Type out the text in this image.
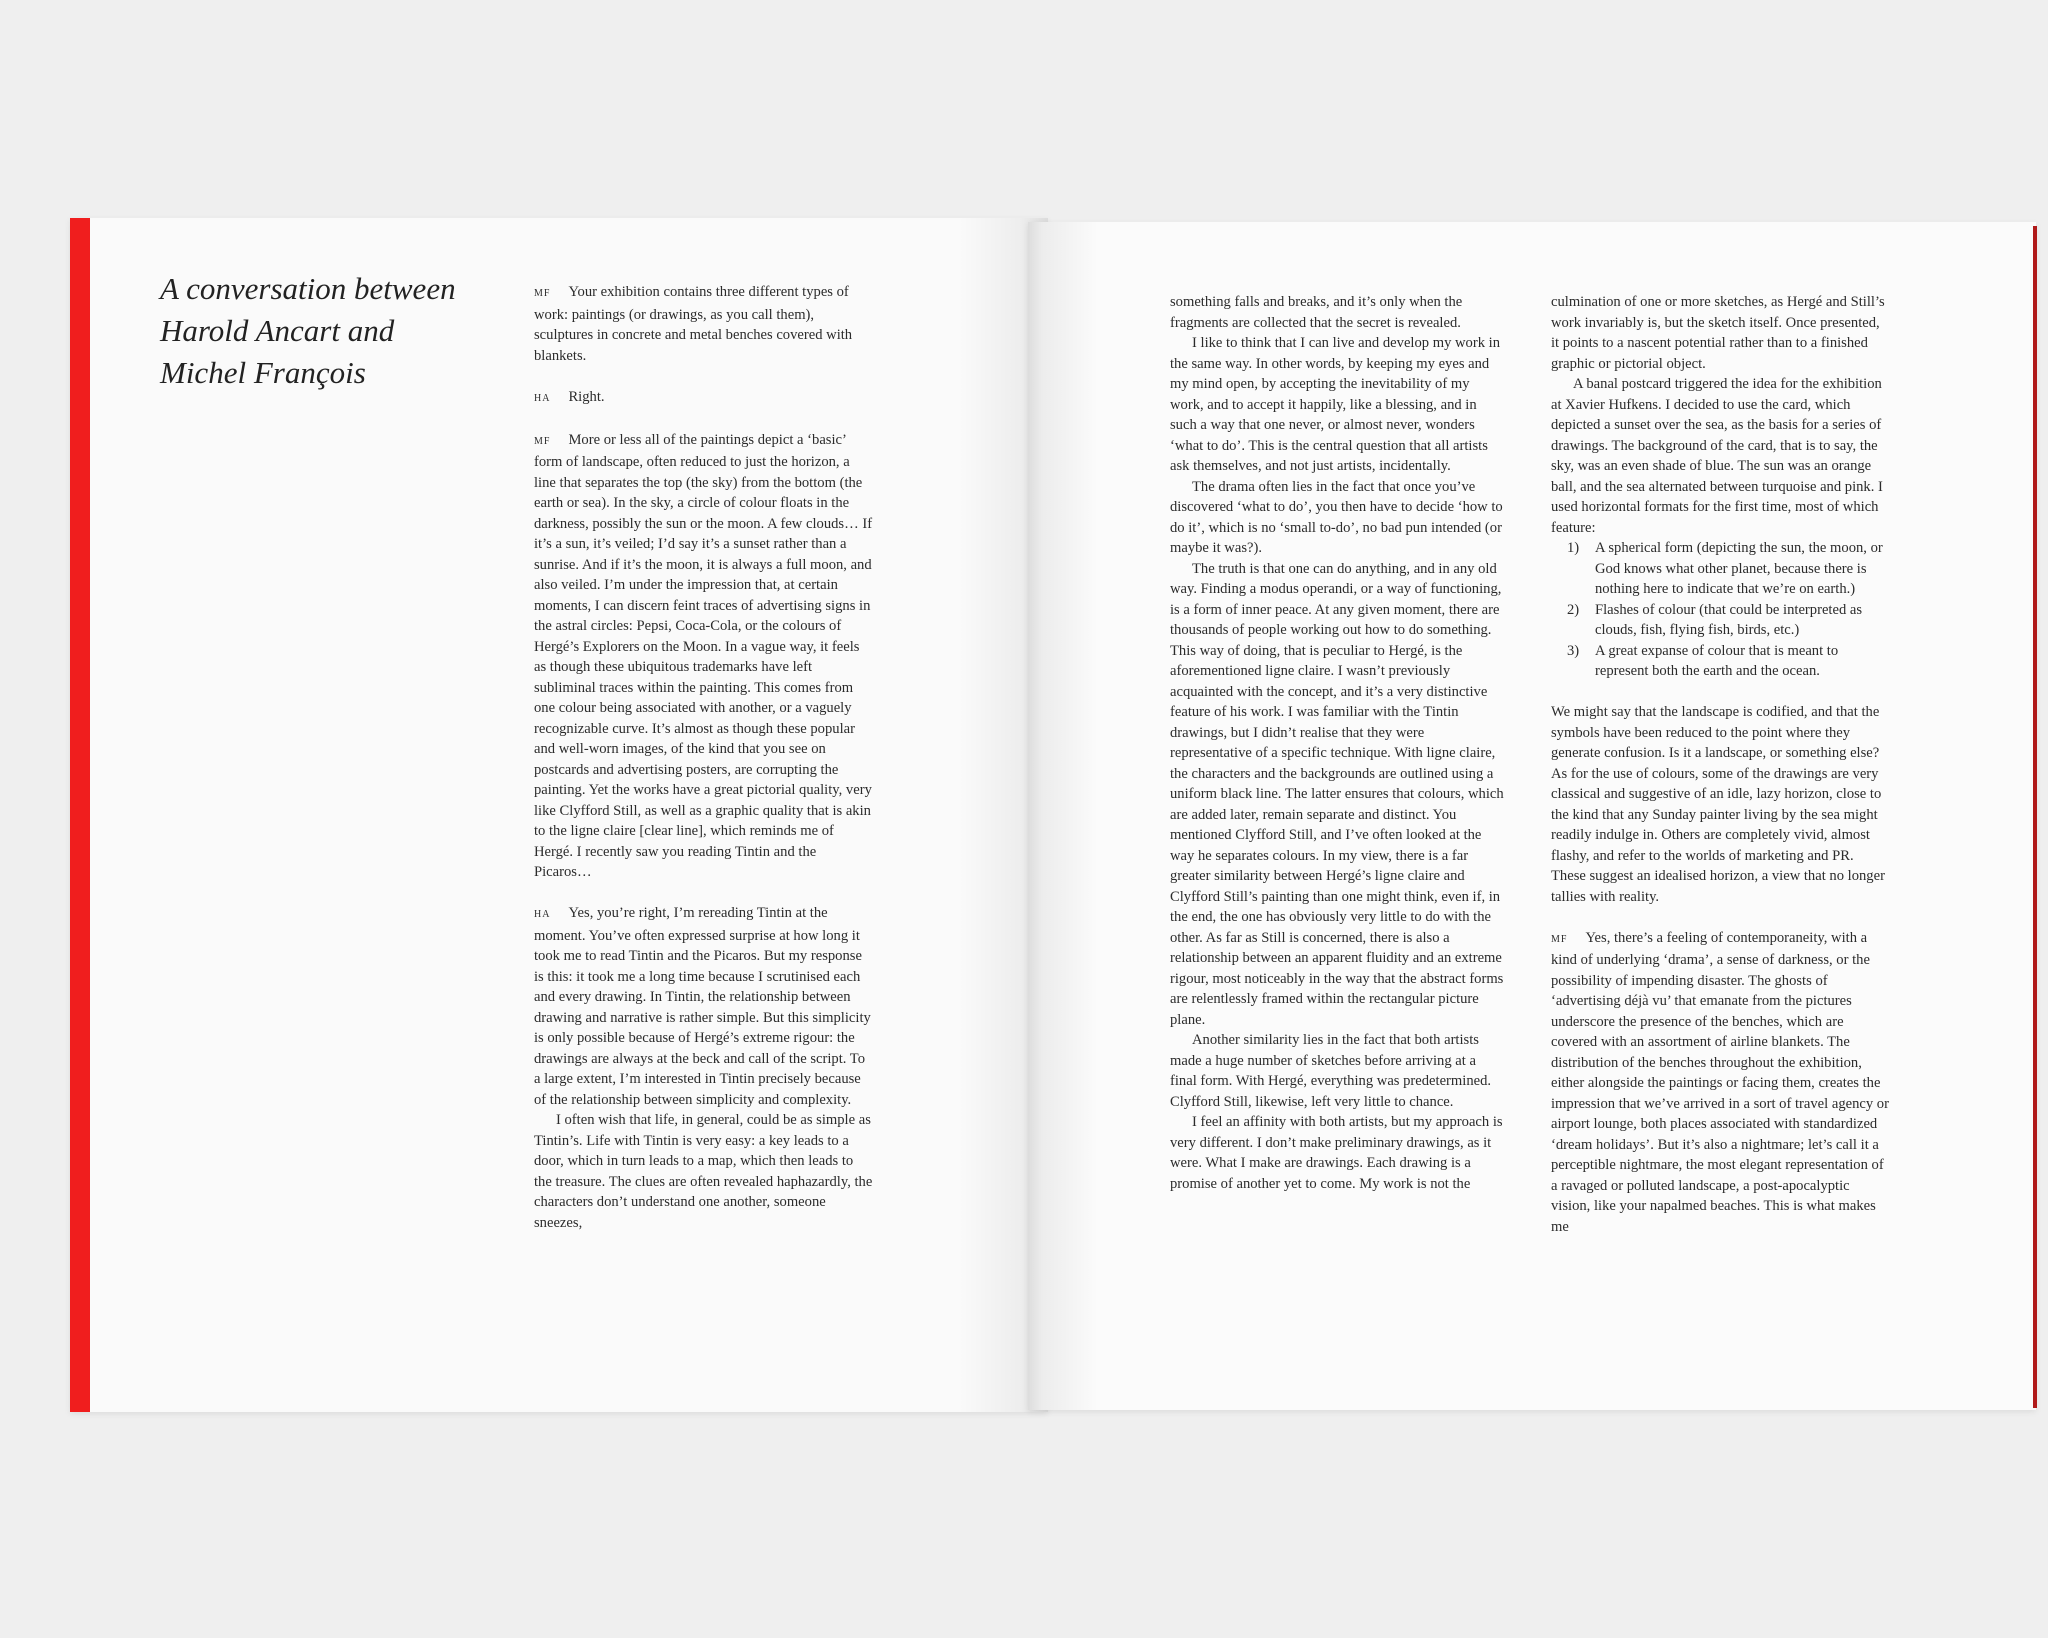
A conversation between
Harold Ancart and
Michel François

MF Your exhibition contains three different types of work: paintings (or drawings, as you call them), sculptures in concrete and metal benches covered with blankets.

HA Right.

MF More or less all of the paintings depict a ‘basic’ form of landscape, often reduced to just the horizon, a line that separates the top (the sky) from the bottom (the earth or sea). In the sky, a circle of colour floats in the darkness, possibly the sun or the moon. A few clouds… If it’s a sun, it’s veiled; I’d say it’s a sunset rather than a sunrise. And if it’s the moon, it is always a full moon, and also veiled. I’m under the impression that, at certain moments, I can discern feint traces of advertising signs in the astral circles: Pepsi, Coca-Cola, or the colours of Hergé’s Explorers on the Moon. In a vague way, it feels as though these ubiquitous trademarks have left subliminal traces within the painting. This comes from one colour being associated with another, or a vaguely recognizable curve. It’s almost as though these popular and well-worn images, of the kind that you see on postcards and advertising posters, are corrupting the painting. Yet the works have a great pictorial quality, very like Clyfford Still, as well as a graphic quality that is akin to the ligne claire [clear line], which reminds me of Hergé. I recently saw you reading Tintin and the Picaros…

HA Yes, you’re right, I’m rereading Tintin at the moment. You’ve often expressed surprise at how long it took me to read Tintin and the Picaros. But my response is this: it took me a long time because I scrutinised each and every drawing. In Tintin, the relationship between drawing and narrative is rather simple. But this simplicity is only possible because of Hergé’s extreme rigour: the drawings are always at the beck and call of the script. To a large extent, I’m interested in Tintin precisely because of the relationship between simplicity and complexity.

I often wish that life, in general, could be as simple as Tintin’s. Life with Tintin is very easy: a key leads to a door, which in turn leads to a map, which then leads to the treasure. The clues are often revealed haphazardly, the characters don’t understand one another, someone sneezes,

something falls and breaks, and it’s only when the fragments are collected that the secret is revealed.

I like to think that I can live and develop my work in the same way. In other words, by keeping my eyes and my mind open, by accepting the inevitability of my work, and to accept it happily, like a blessing, and in such a way that one never, or almost never, wonders ‘what to do’. This is the central question that all artists ask themselves, and not just artists, incidentally.

The drama often lies in the fact that once you’ve discovered ‘what to do’, you then have to decide ‘how to do it’, which is no ‘small to-do’, no bad pun intended (or maybe it was?).

The truth is that one can do anything, and in any old way. Finding a modus operandi, or a way of functioning, is a form of inner peace. At any given moment, there are thousands of people working out how to do something. This way of doing, that is peculiar to Hergé, is the aforementioned ligne claire. I wasn’t previously acquainted with the concept, and it’s a very distinctive feature of his work. I was familiar with the Tintin drawings, but I didn’t realise that they were representative of a specific technique. With ligne claire, the characters and the backgrounds are outlined using a uniform black line. The latter ensures that colours, which are added later, remain separate and distinct. You mentioned Clyfford Still, and I’ve often looked at the way he separates colours. In my view, there is a far greater similarity between Hergé’s ligne claire and Clyfford Still’s painting than one might think, even if, in the end, the one has obviously very little to do with the other. As far as Still is concerned, there is also a relationship between an apparent fluidity and an extreme rigour, most noticeably in the way that the abstract forms are relentlessly framed within the rectangular picture plane.

Another similarity lies in the fact that both artists made a huge number of sketches before arriving at a final form. With Hergé, everything was predetermined. Clyfford Still, likewise, left very little to chance.

I feel an affinity with both artists, but my approach is very different. I don’t make preliminary drawings, as it were. What I make are drawings. Each drawing is a promise of another yet to come. My work is not the

culmination of one or more sketches, as Hergé and Still’s work invariably is, but the sketch itself. Once presented, it points to a nascent potential rather than to a finished graphic or pictorial object.

A banal postcard triggered the idea for the exhibition at Xavier Hufkens. I decided to use the card, which depicted a sunset over the sea, as the basis for a series of drawings. The background of the card, that is to say, the sky, was an even shade of blue. The sun was an orange ball, and the sea alternated between turquoise and pink. I used horizontal formats for the first time, most of which feature:

1) A spherical form (depicting the sun, the moon, or God knows what other planet, because there is nothing here to indicate that we’re on earth.)
2) Flashes of colour (that could be interpreted as clouds, fish, flying fish, birds, etc.)
3) A great expanse of colour that is meant to represent both the earth and the ocean.

We might say that the landscape is codified, and that the symbols have been reduced to the point where they generate confusion. Is it a landscape, or something else? As for the use of colours, some of the drawings are very classical and suggestive of an idle, lazy horizon, close to the kind that any Sunday painter living by the sea might readily indulge in. Others are completely vivid, almost flashy, and refer to the worlds of marketing and PR. These suggest an idealised horizon, a view that no longer tallies with reality.

MF Yes, there’s a feeling of contemporaneity, with a kind of underlying ‘drama’, a sense of darkness, or the possibility of impending disaster. The ghosts of ‘advertising déjà vu’ that emanate from the pictures underscore the presence of the benches, which are covered with an assortment of airline blankets. The distribution of the benches throughout the exhibition, either alongside the paintings or facing them, creates the impression that we’ve arrived in a sort of travel agency or airport lounge, both places associated with standardized ‘dream holidays’. But it’s also a nightmare; let’s call it a perceptible nightmare, the most elegant representation of a ravaged or polluted landscape, a post-apocalyptic vision, like your napalmed beaches. This is what makes me
